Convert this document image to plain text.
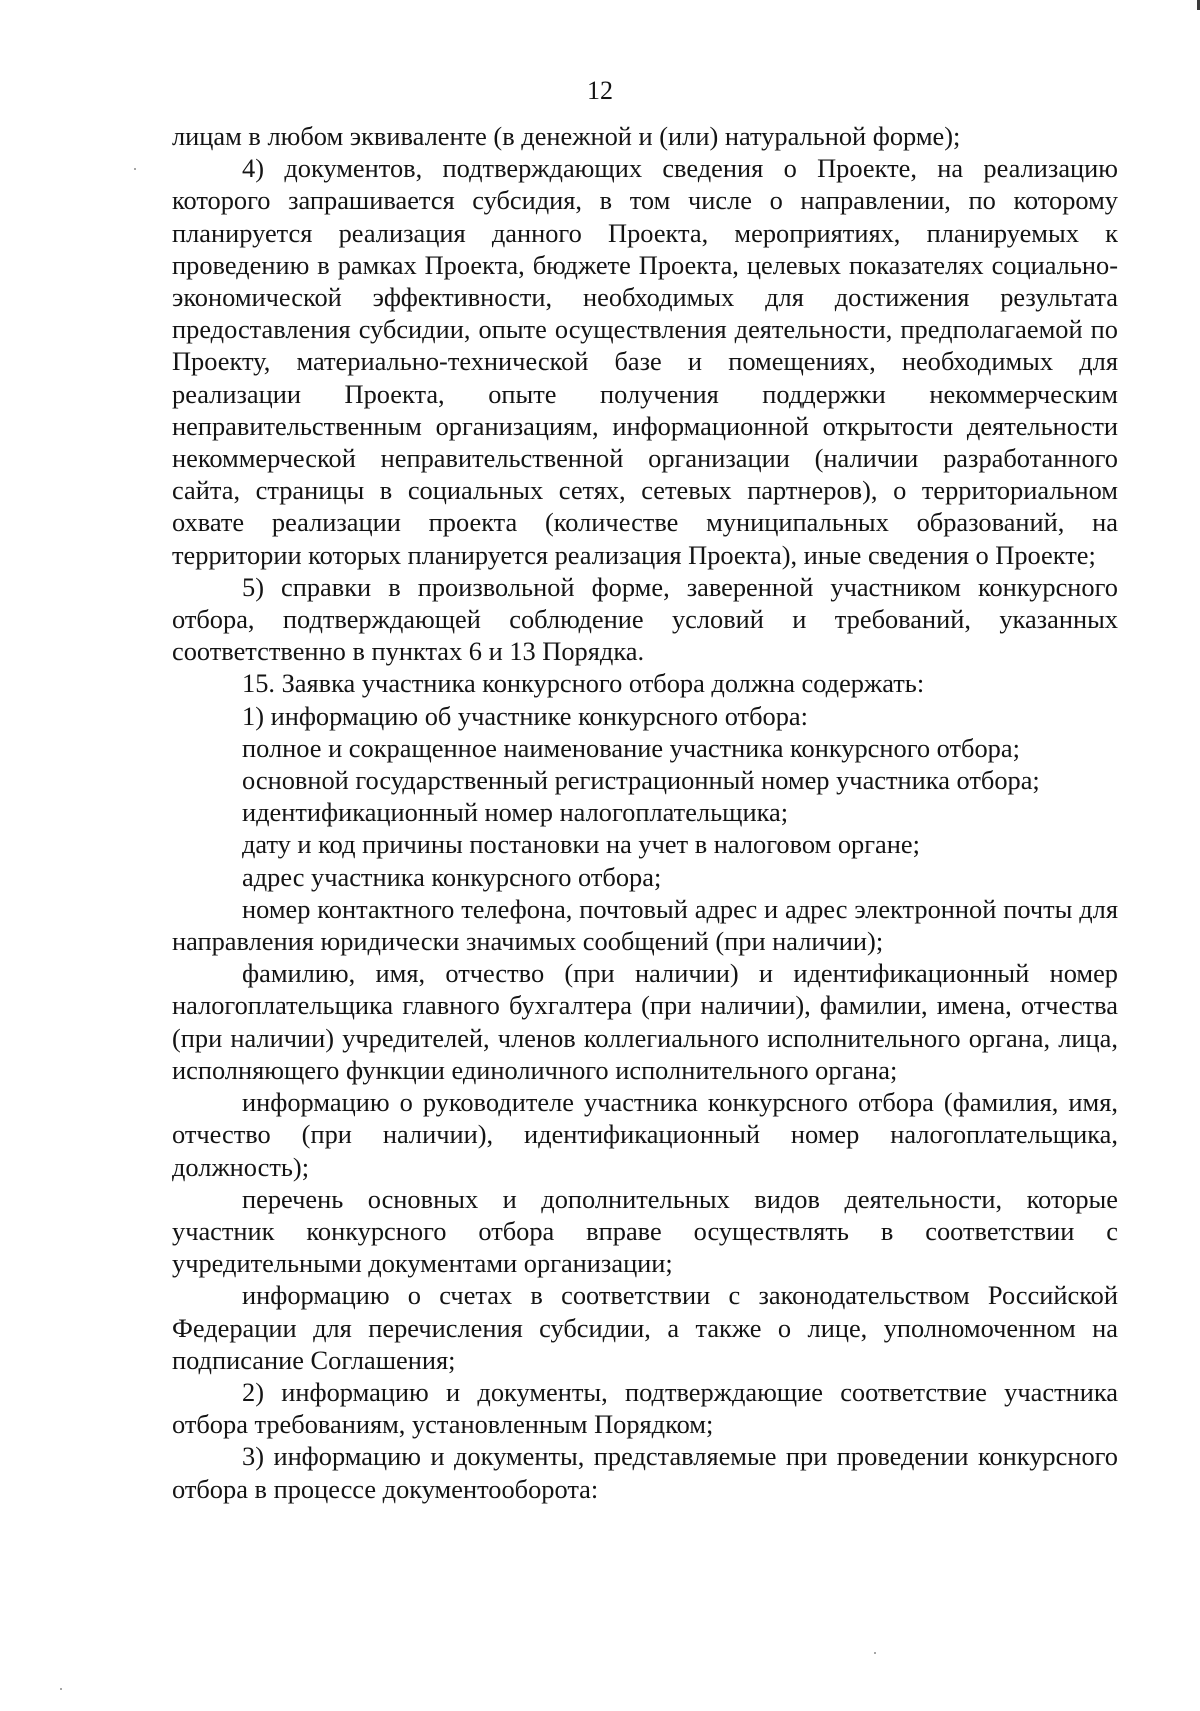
12

лицам в любом эквиваленте (в денежной и (или) натуральной форме);

4) документов, подтверждающих сведения о Проекте, на реализацию которого запрашивается субсидия, в том числе о направлении, по которому планируется реализация данного Проекта, мероприятиях, планируемых к проведению в рамках Проекта, бюджете Проекта, целевых показателях социально-экономической эффективности, необходимых для достижения результата предоставления субсидии, опыте осуществления деятельности, предполагаемой по Проекту, материально-технической базе и помещениях, необходимых для реализации Проекта, опыте получения поддержки некоммерческим неправительственным организациям, информационной открытости деятельности некоммерческой неправительственной организации (наличии разработанного сайта, страницы в социальных сетях, сетевых партнеров), о территориальном охвате реализации проекта (количестве муниципальных образований, на территории которых планируется реализация Проекта), иные сведения о Проекте;

5) справки в произвольной форме, заверенной участником конкурсного отбора, подтверждающей соблюдение условий и требований, указанных соответственно в пунктах 6 и 13 Порядка.

15. Заявка участника конкурсного отбора должна содержать:

1) информацию об участнике конкурсного отбора:

полное и сокращенное наименование участника конкурсного отбора;

основной государственный регистрационный номер участника отбора;

идентификационный номер налогоплательщика;

дату и код причины постановки на учет в налоговом органе;

адрес участника конкурсного отбора;

номер контактного телефона, почтовый адрес и адрес электронной почты для направления юридически значимых сообщений (при наличии);

фамилию, имя, отчество (при наличии) и идентификационный номер налогоплательщика главного бухгалтера (при наличии), фамилии, имена, отчества (при наличии) учредителей, членов коллегиального исполнительного органа, лица, исполняющего функции единоличного исполнительного органа;

информацию о руководителе участника конкурсного отбора (фамилия, имя, отчество (при наличии), идентификационный номер налогоплательщика, должность);

перечень основных и дополнительных видов деятельности, которые участник конкурсного отбора вправе осуществлять в соответствии с учредительными документами организации;

информацию о счетах в соответствии с законодательством Российской Федерации для перечисления субсидии, а также о лице, уполномоченном на подписание Соглашения;

2) информацию и документы, подтверждающие соответствие участника отбора требованиям, установленным Порядком;

3) информацию и документы, представляемые при проведении конкурсного отбора в процессе документооборота:
